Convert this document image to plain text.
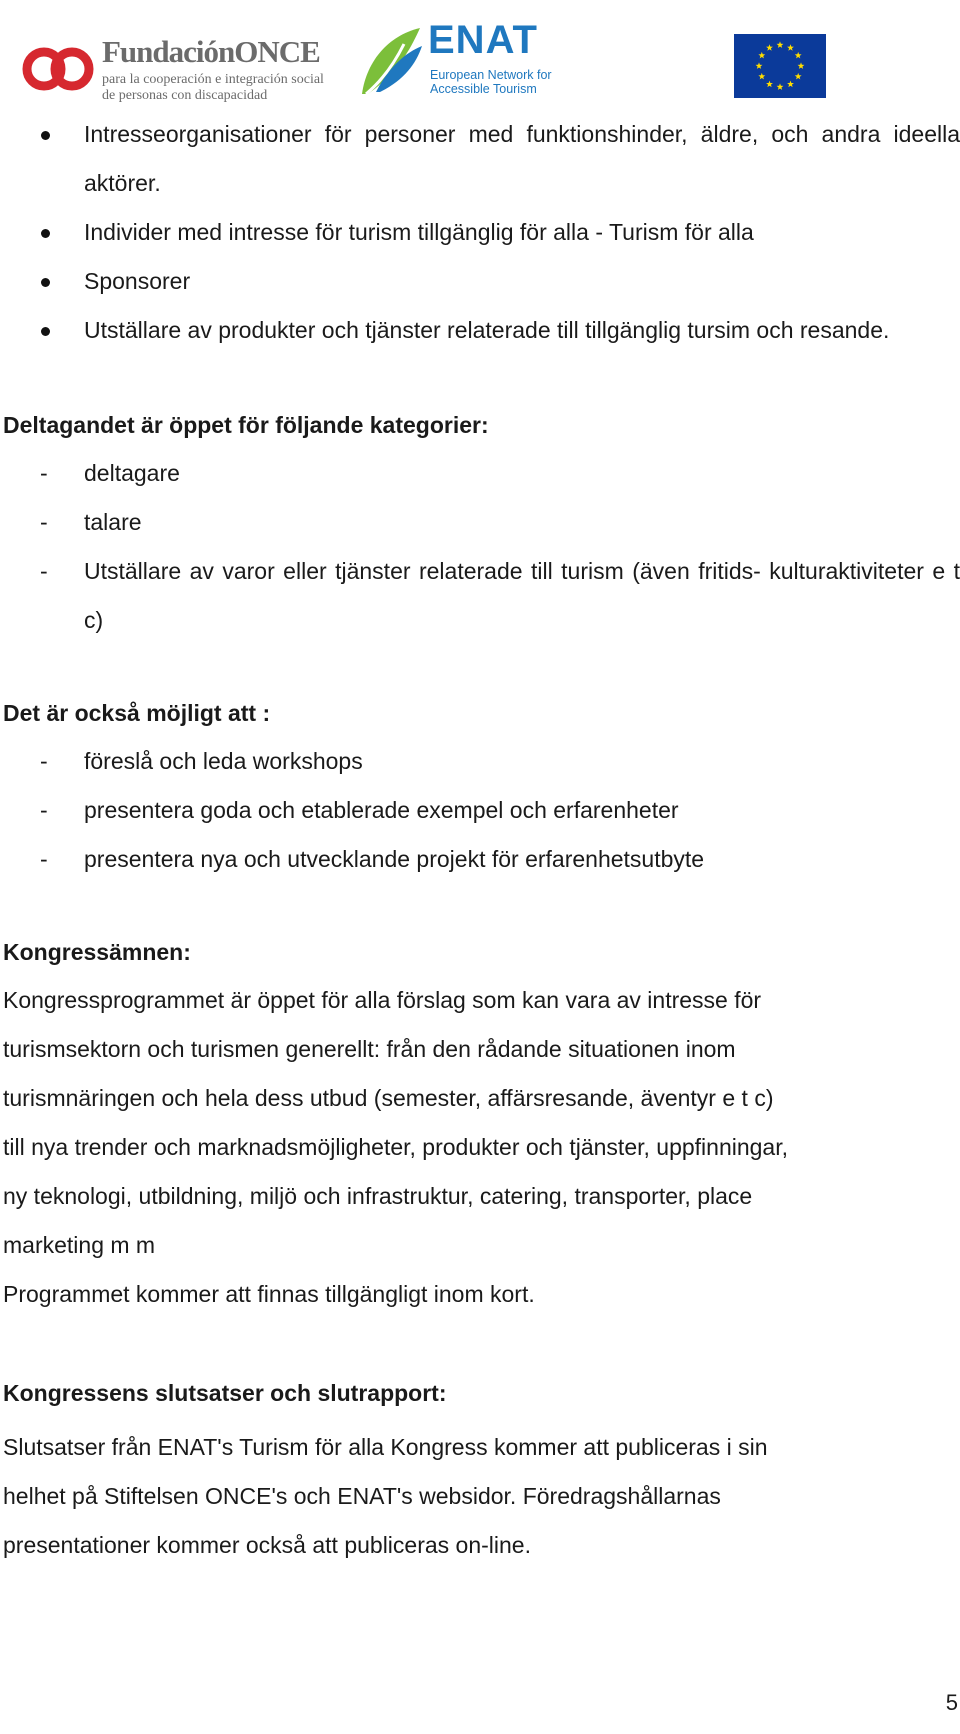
FundaciónONCE
para la cooperación e integración social
de personas con discapacidad
ENAT
European Network for
Accessible Tourism
Intresseorganisationer för personer med funktionshinder, äldre, och andra ideella aktörer.
Individer med intresse för turism tillgänglig för alla - Turism för alla
Sponsorer
Utställare av produkter och tjänster relaterade till tillgänglig tursim och resande.
Deltagandet är öppet för följande kategorier:
- deltagare
- talare
- Utställare av varor eller tjänster relaterade till turism (även fritids- kulturaktiviteter e t c)
Det är också möjligt att :
- föreslå och leda workshops
- presentera goda och etablerade exempel och erfarenheter
- presentera nya och utvecklande projekt för erfarenhetsutbyte
Kongressämnen:

Kongressprogrammet är öppet för alla förslag som kan vara av intresse för

turismsektorn och turismen generellt: från den rådande situationen inom

turismnäringen och hela dess utbud (semester, affärsresande, äventyr e t c)

till nya trender och marknadsmöjligheter, produkter och tjänster, uppfinningar,

ny teknologi, utbildning, miljö och infrastruktur, catering, transporter, place

marketing m m

Programmet kommer att finnas tillgängligt inom kort.

Kongressens slutsatser och slutrapport:

Slutsatser från ENAT's Turism för alla Kongress kommer att publiceras i sin

helhet på Stiftelsen ONCE's och ENAT's websidor. Föredragshållarnas

presentationer kommer också att publiceras on-line.

5
